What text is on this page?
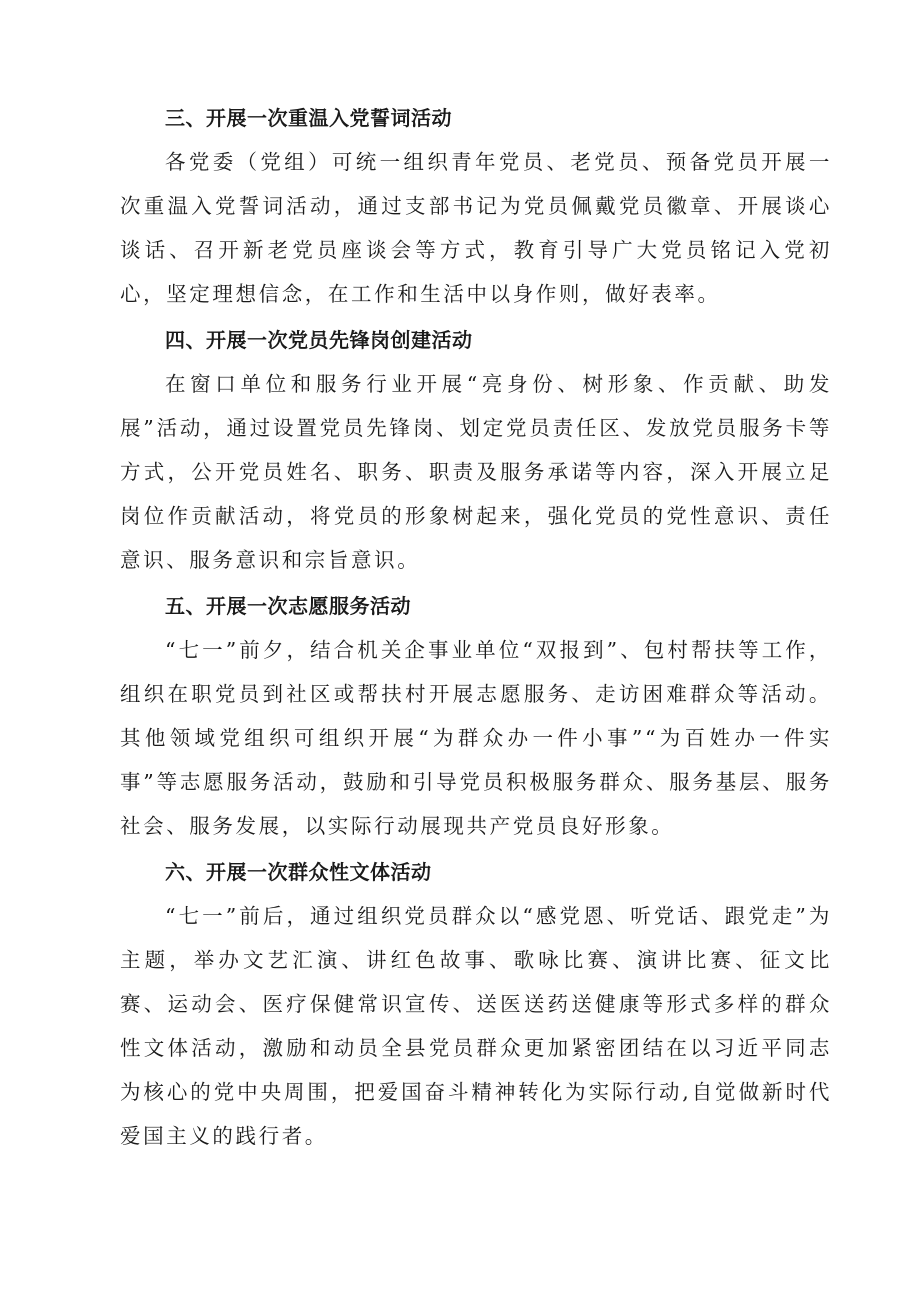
三、开展一次重温入党誓词活动

各党委（党组）可统一组织青年党员、老党员、预备党员开展一次重温入党誓词活动，通过支部书记为党员佩戴党员徽章、开展谈心谈话、召开新老党员座谈会等方式，教育引导广大党员铭记入党初心，坚定理想信念，在工作和生活中以身作则，做好表率。

四、开展一次党员先锋岗创建活动

在窗口单位和服务行业开展“亮身份、树形象、作贡献、助发展”活动，通过设置党员先锋岗、划定党员责任区、发放党员服务卡等方式，公开党员姓名、职务、职责及服务承诺等内容，深入开展立足岗位作贡献活动，将党员的形象树起来，强化党员的党性意识、责任意识、服务意识和宗旨意识。

五、开展一次志愿服务活动

“七一”前夕，结合机关企事业单位“双报到”、包村帮扶等工作，组织在职党员到社区或帮扶村开展志愿服务、走访困难群众等活动。其他领域党组织可组织开展“为群众办一件小事”“为百姓办一件实事”等志愿服务活动，鼓励和引导党员积极服务群众、服务基层、服务社会、服务发展，以实际行动展现共产党员良好形象。

六、开展一次群众性文体活动

“七一”前后，通过组织党员群众以“感党恩、听党话、跟党走”为主题，举办文艺汇演、讲红色故事、歌咏比赛、演讲比赛、征文比赛、运动会、医疗保健常识宣传、送医送药送健康等形式多样的群众性文体活动，激励和动员全县党员群众更加紧密团结在以习近平同志为核心的党中央周围，把爱国奋斗精神转化为实际行动,自觉做新时代爱国主义的践行者。
